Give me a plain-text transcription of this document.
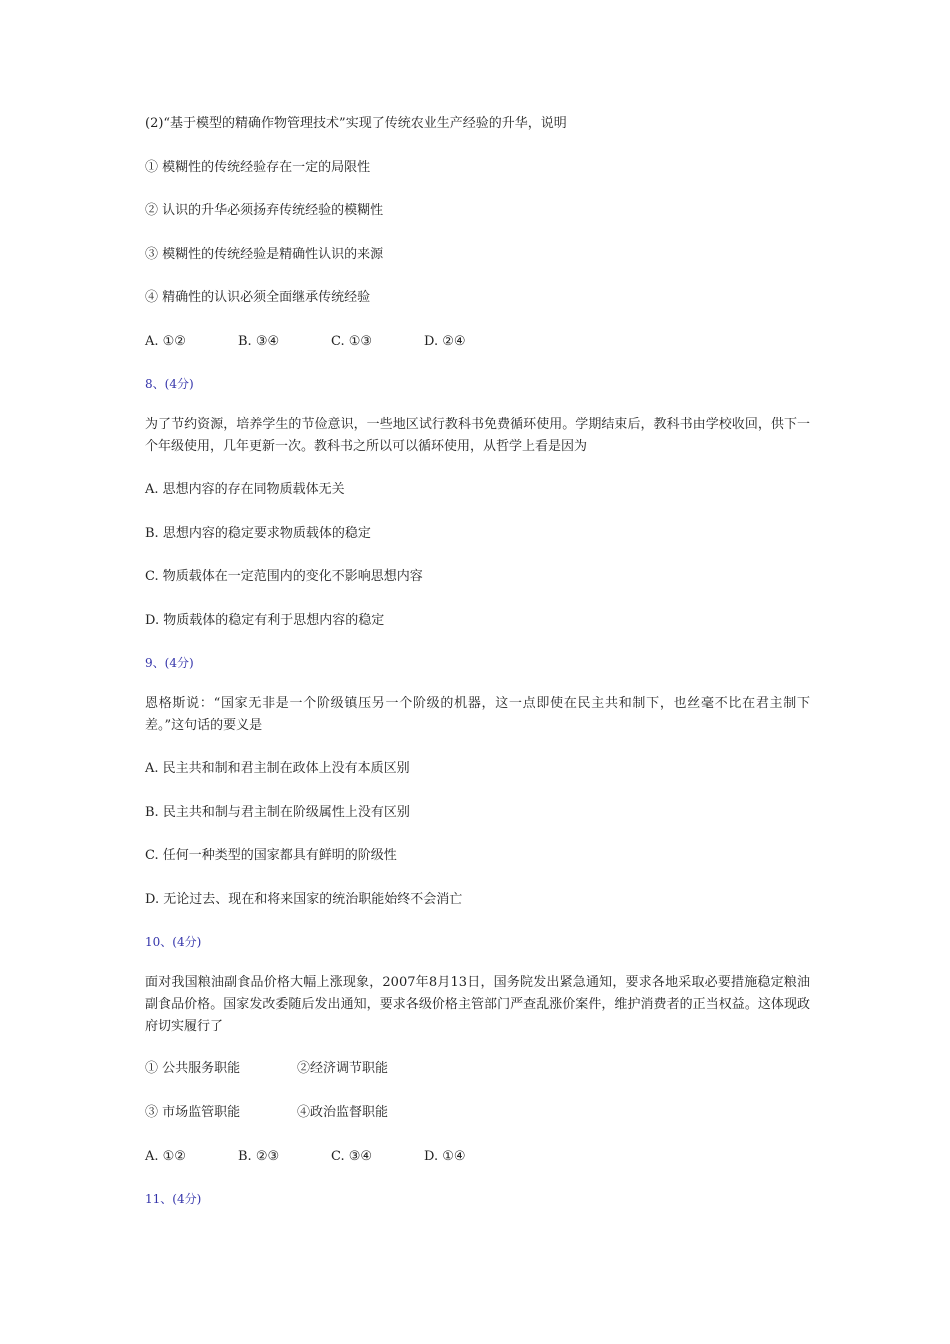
(2)“基于模型的精确作物管理技术”实现了传统农业生产经验的升华，说明
① 模糊性的传统经验存在一定的局限性
② 认识的升华必须扬弃传统经验的模糊性
③ 模糊性的传统经验是精确性认识的来源
④ 精确性的认识必须全面继承传统经验
A. ①②	B. ③④	C. ①③	D. ②④
8、(4分)
为了节约资源，培养学生的节俭意识，一些地区试行教科书免费循环使用。学期结束后，教科书由学校收回，供下一个年级使用，几年更新一次。教科书之所以可以循环使用，从哲学上看是因为
A. 思想内容的存在同物质载体无关
B. 思想内容的稳定要求物质载体的稳定
C. 物质载体在一定范围内的变化不影响思想内容
D. 物质载体的稳定有利于思想内容的稳定
9、(4分)
恩格斯说：“国家无非是一个阶级镇压另一个阶级的机器，这一点即使在民主共和制下，也丝毫不比在君主制下差。”这句话的要义是
A. 民主共和制和君主制在政体上没有本质区别
B. 民主共和制与君主制在阶级属性上没有区别
C. 任何一种类型的国家都具有鲜明的阶级性
D. 无论过去、现在和将来国家的统治职能始终不会消亡
10、(4分)
面对我国粮油副食品价格大幅上涨现象，2007年8月13日，国务院发出紧急通知，要求各地采取必要措施稳定粮油副食品价格。国家发改委随后发出通知，要求各级价格主管部门严查乱涨价案件，维护消费者的正当权益。这体现政府切实履行了
① 公共服务职能	②经济调节职能
③ 市场监管职能	④政治监督职能
A. ①②	B. ②③	C. ③④	D. ①④
11、(4分)
